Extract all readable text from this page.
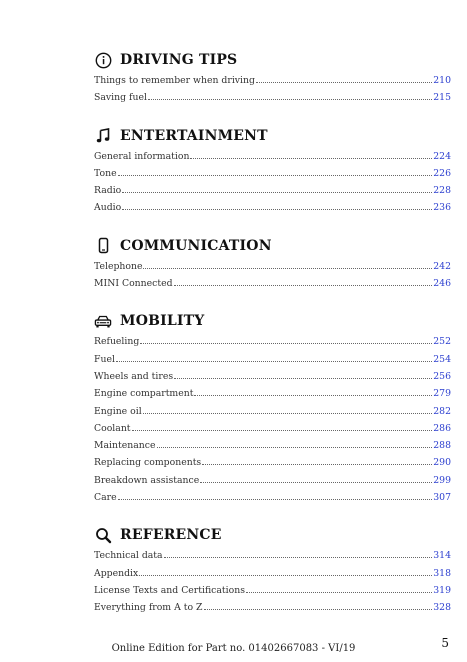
DRIVING TIPS
Things to remember when driving	210
Saving fuel	215
ENTERTAINMENT
General information	224
Tone	226
Radio	228
Audio	236
COMMUNICATION
Telephone	242
MINI Connected	246
MOBILITY
Refueling	252
Fuel	254
Wheels and tires	256
Engine compartment	279
Engine oil	282
Coolant	286
Maintenance	288
Replacing components	290
Breakdown assistance	299
Care	307
REFERENCE
Technical data	314
Appendix	318
License Texts and Certifications	319
Everything from A to Z	328
Online Edition for Part no. 01402667083 - VI/19	5
